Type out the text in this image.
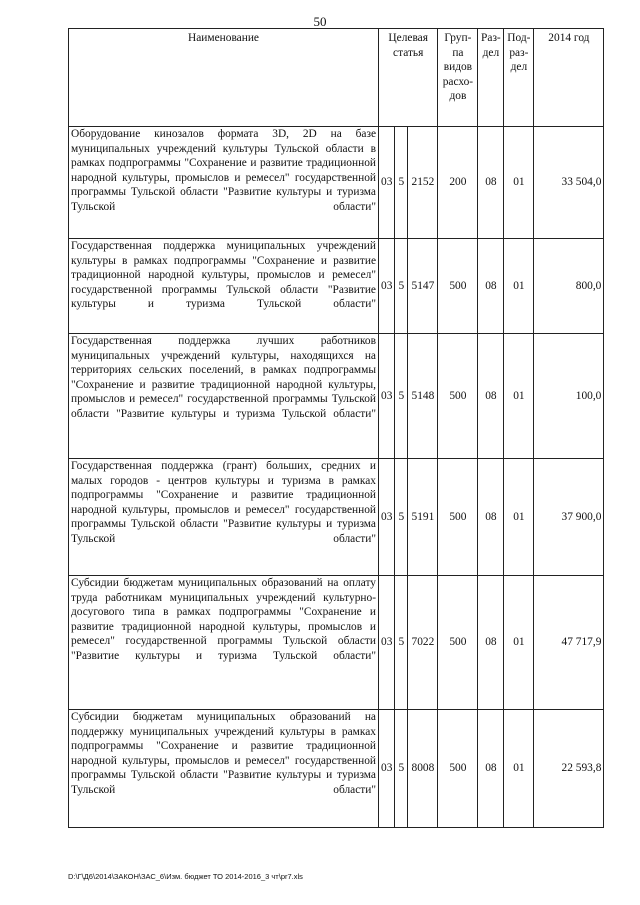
50
Наименование	Целевая статья			Груп-па видов расхо-дов	Раз-дел	Под-раз-дел	2014 год
Оборудование кинозалов формата 3D, 2D на базе муниципальных учреждений культуры Тульской области в рамках подпрограммы "Сохранение и развитие традиционной народной культуры, промыслов и ремесел" государственной программы Тульской области "Развитие культуры и туризма Тульской области"	03	5	2152	200	08	01	33 504,0
Государственная поддержка муниципальных учреждений культуры в рамках подпрограммы "Сохранение и развитие традиционной народной культуры, промыслов и ремесел" государственной программы Тульской области "Развитие культуры и туризма Тульской области"	03	5	5147	500	08	01	800,0
Государственная поддержка лучших работников муниципальных учреждений культуры, находящихся на территориях сельских поселений, в рамках подпрограммы "Сохранение и развитие традиционной народной культуры, промыслов и ремесел" государственной программы Тульской области "Развитие культуры и туризма Тульской области"	03	5	5148	500	08	01	100,0
Государственная поддержка (грант) больших, средних и малых городов - центров культуры и туризма в рамках подпрограммы "Сохранение и развитие традиционной народной культуры, промыслов и ремесел" государственной программы Тульской области "Развитие культуры и туризма Тульской области"	03	5	5191	500	08	01	37 900,0
Субсидии бюджетам муниципальных образований на оплату труда работникам муниципальных учреждений культурно-досугового типа в рамках подпрограммы "Сохранение и развитие традиционной народной культуры, промыслов и ремесел" государственной программы Тульской области "Развитие культуры и туризма Тульской области"	03	5	7022	500	08	01	47 717,9
Субсидии бюджетам муниципальных образований на поддержку муниципальных учреждений культуры в рамках подпрограммы "Сохранение и развитие традиционной народной культуры, промыслов и ремесел" государственной программы Тульской области "Развитие культуры и туризма Тульской области"	03	5	8008	500	08	01	22 593,8
D:\Г\Д6\2014\ЗАКОН\ЗАС_6\Изм. бюджет ТО 2014-2016_3 чт\pr7.xls
